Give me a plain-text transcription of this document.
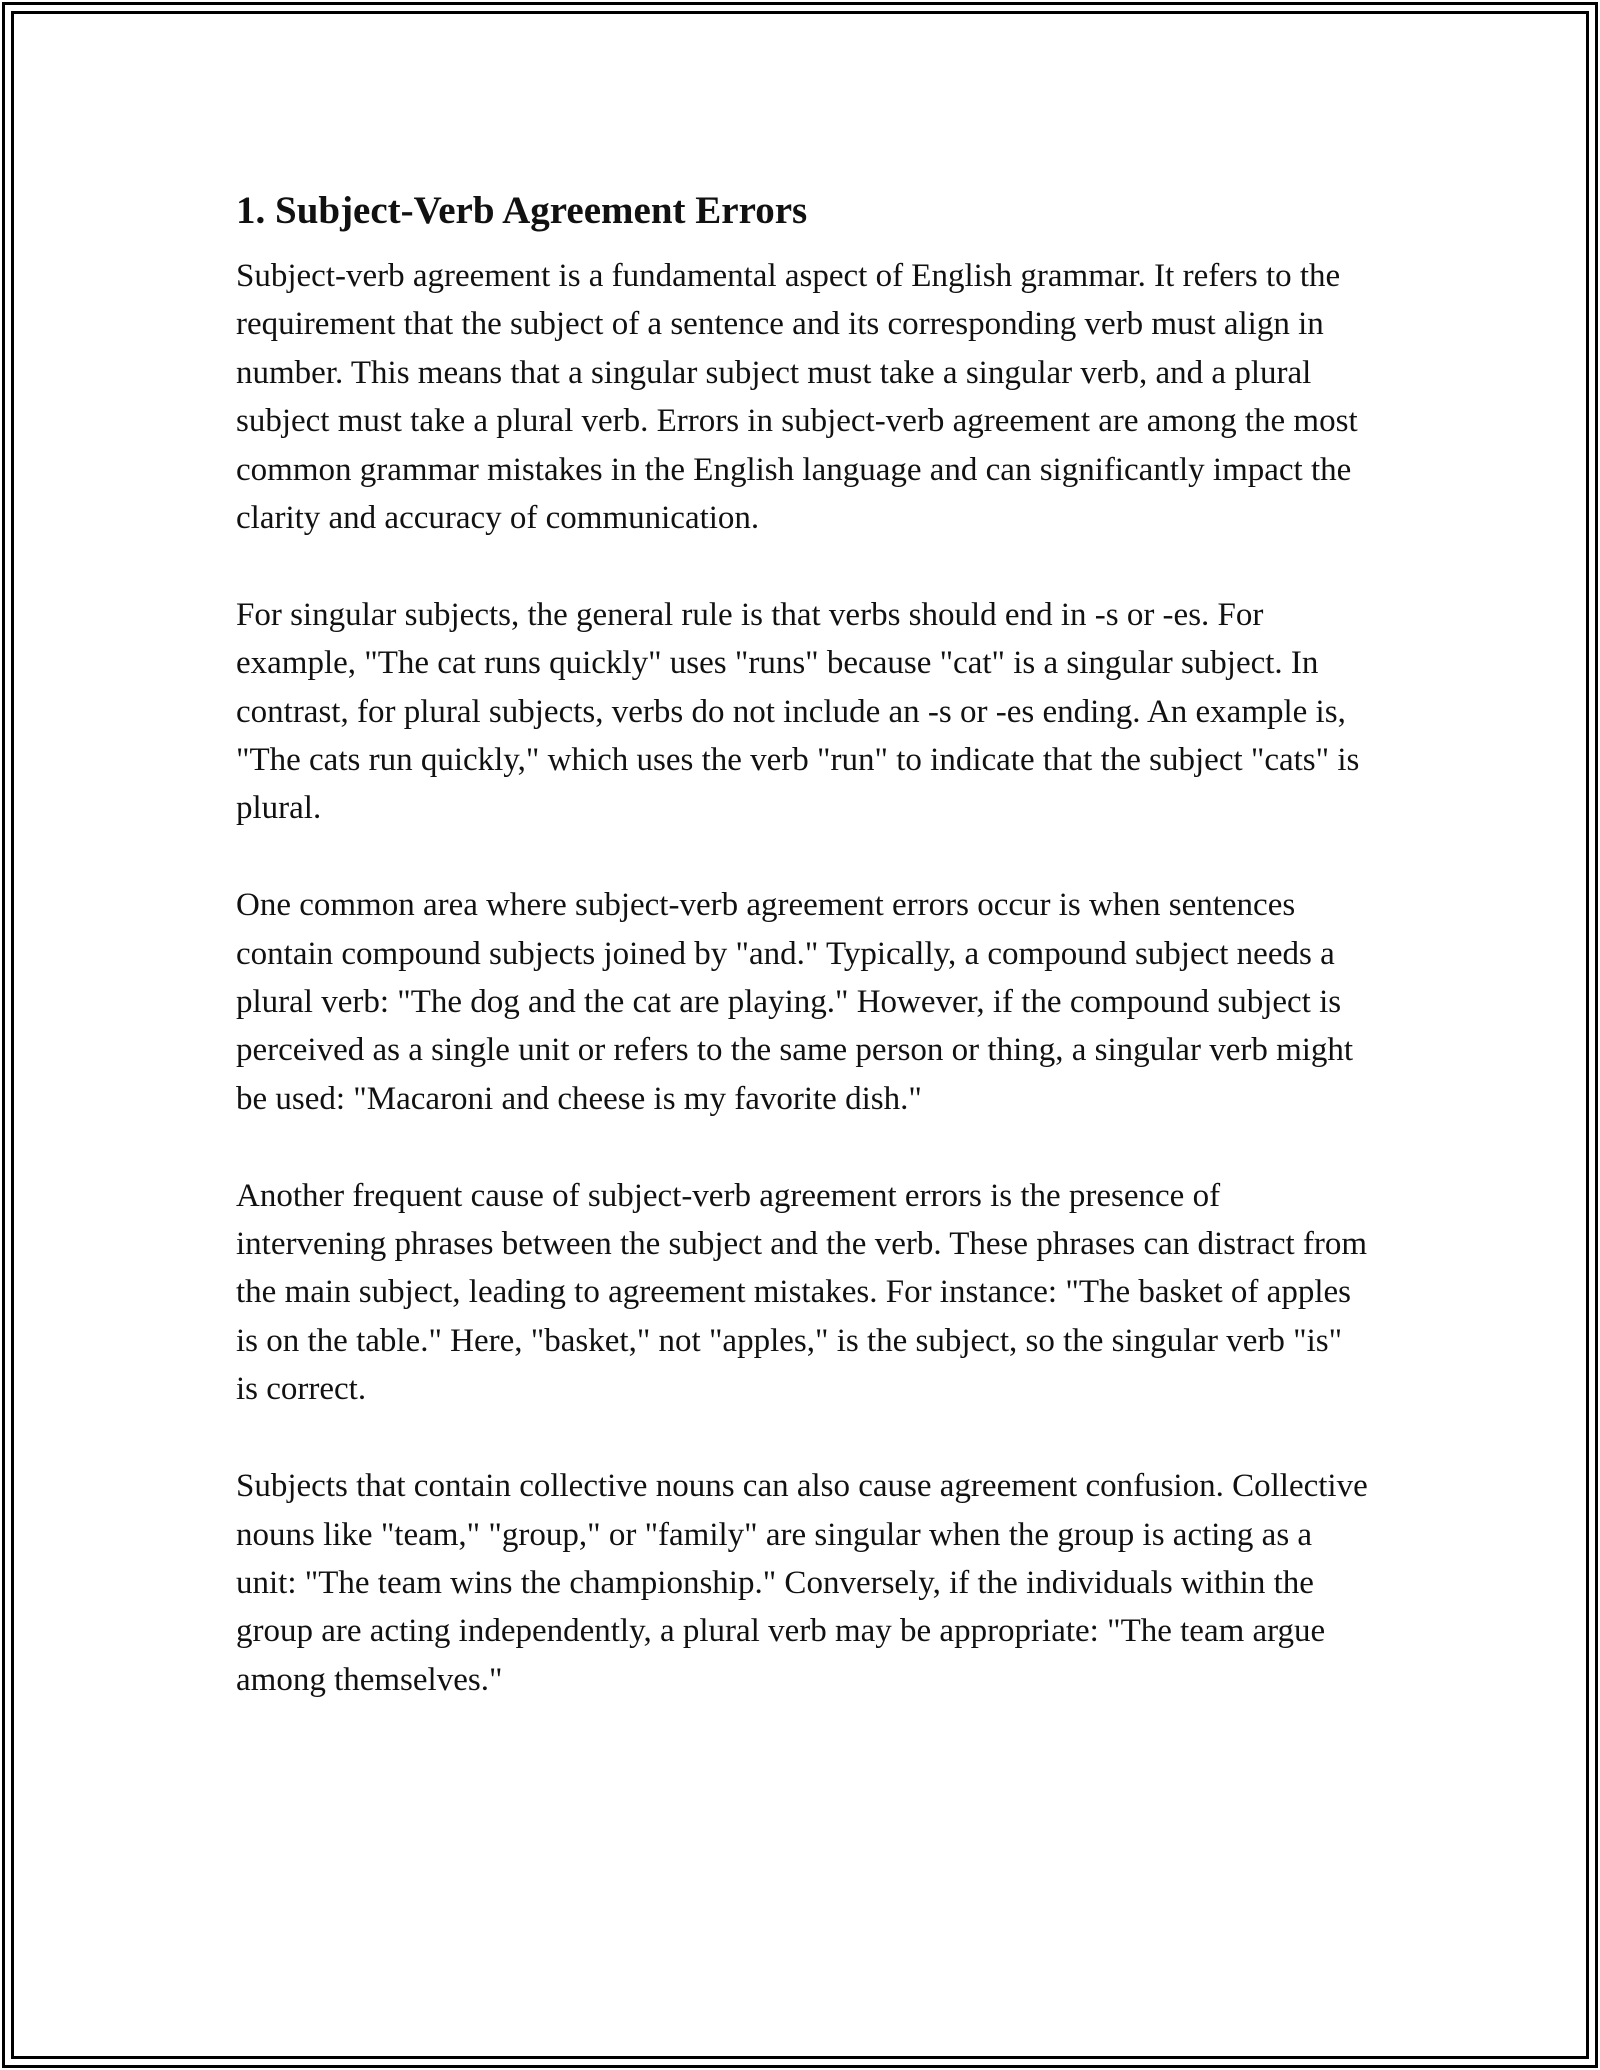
1. Subject-Verb Agreement Errors

Subject-verb agreement is a fundamental aspect of English grammar. It refers to the requirement that the subject of a sentence and its corresponding verb must align in number. This means that a singular subject must take a singular verb, and a plural subject must take a plural verb. Errors in subject-verb agreement are among the most common grammar mistakes in the English language and can significantly impact the clarity and accuracy of communication.

For singular subjects, the general rule is that verbs should end in -s or -es. For example, "The cat runs quickly" uses "runs" because "cat" is a singular subject. In contrast, for plural subjects, verbs do not include an -s or -es ending. An example is, "The cats run quickly," which uses the verb "run" to indicate that the subject "cats" is plural.

One common area where subject-verb agreement errors occur is when sentences contain compound subjects joined by "and." Typically, a compound subject needs a plural verb: "The dog and the cat are playing." However, if the compound subject is perceived as a single unit or refers to the same person or thing, a singular verb might be used: "Macaroni and cheese is my favorite dish."

Another frequent cause of subject-verb agreement errors is the presence of intervening phrases between the subject and the verb. These phrases can distract from the main subject, leading to agreement mistakes. For instance: "The basket of apples is on the table." Here, "basket," not "apples," is the subject, so the singular verb "is" is correct.

Subjects that contain collective nouns can also cause agreement confusion. Collective nouns like "team," "group," or "family" are singular when the group is acting as a unit: "The team wins the championship." Conversely, if the individuals within the group are acting independently, a plural verb may be appropriate: "The team argue among themselves."
